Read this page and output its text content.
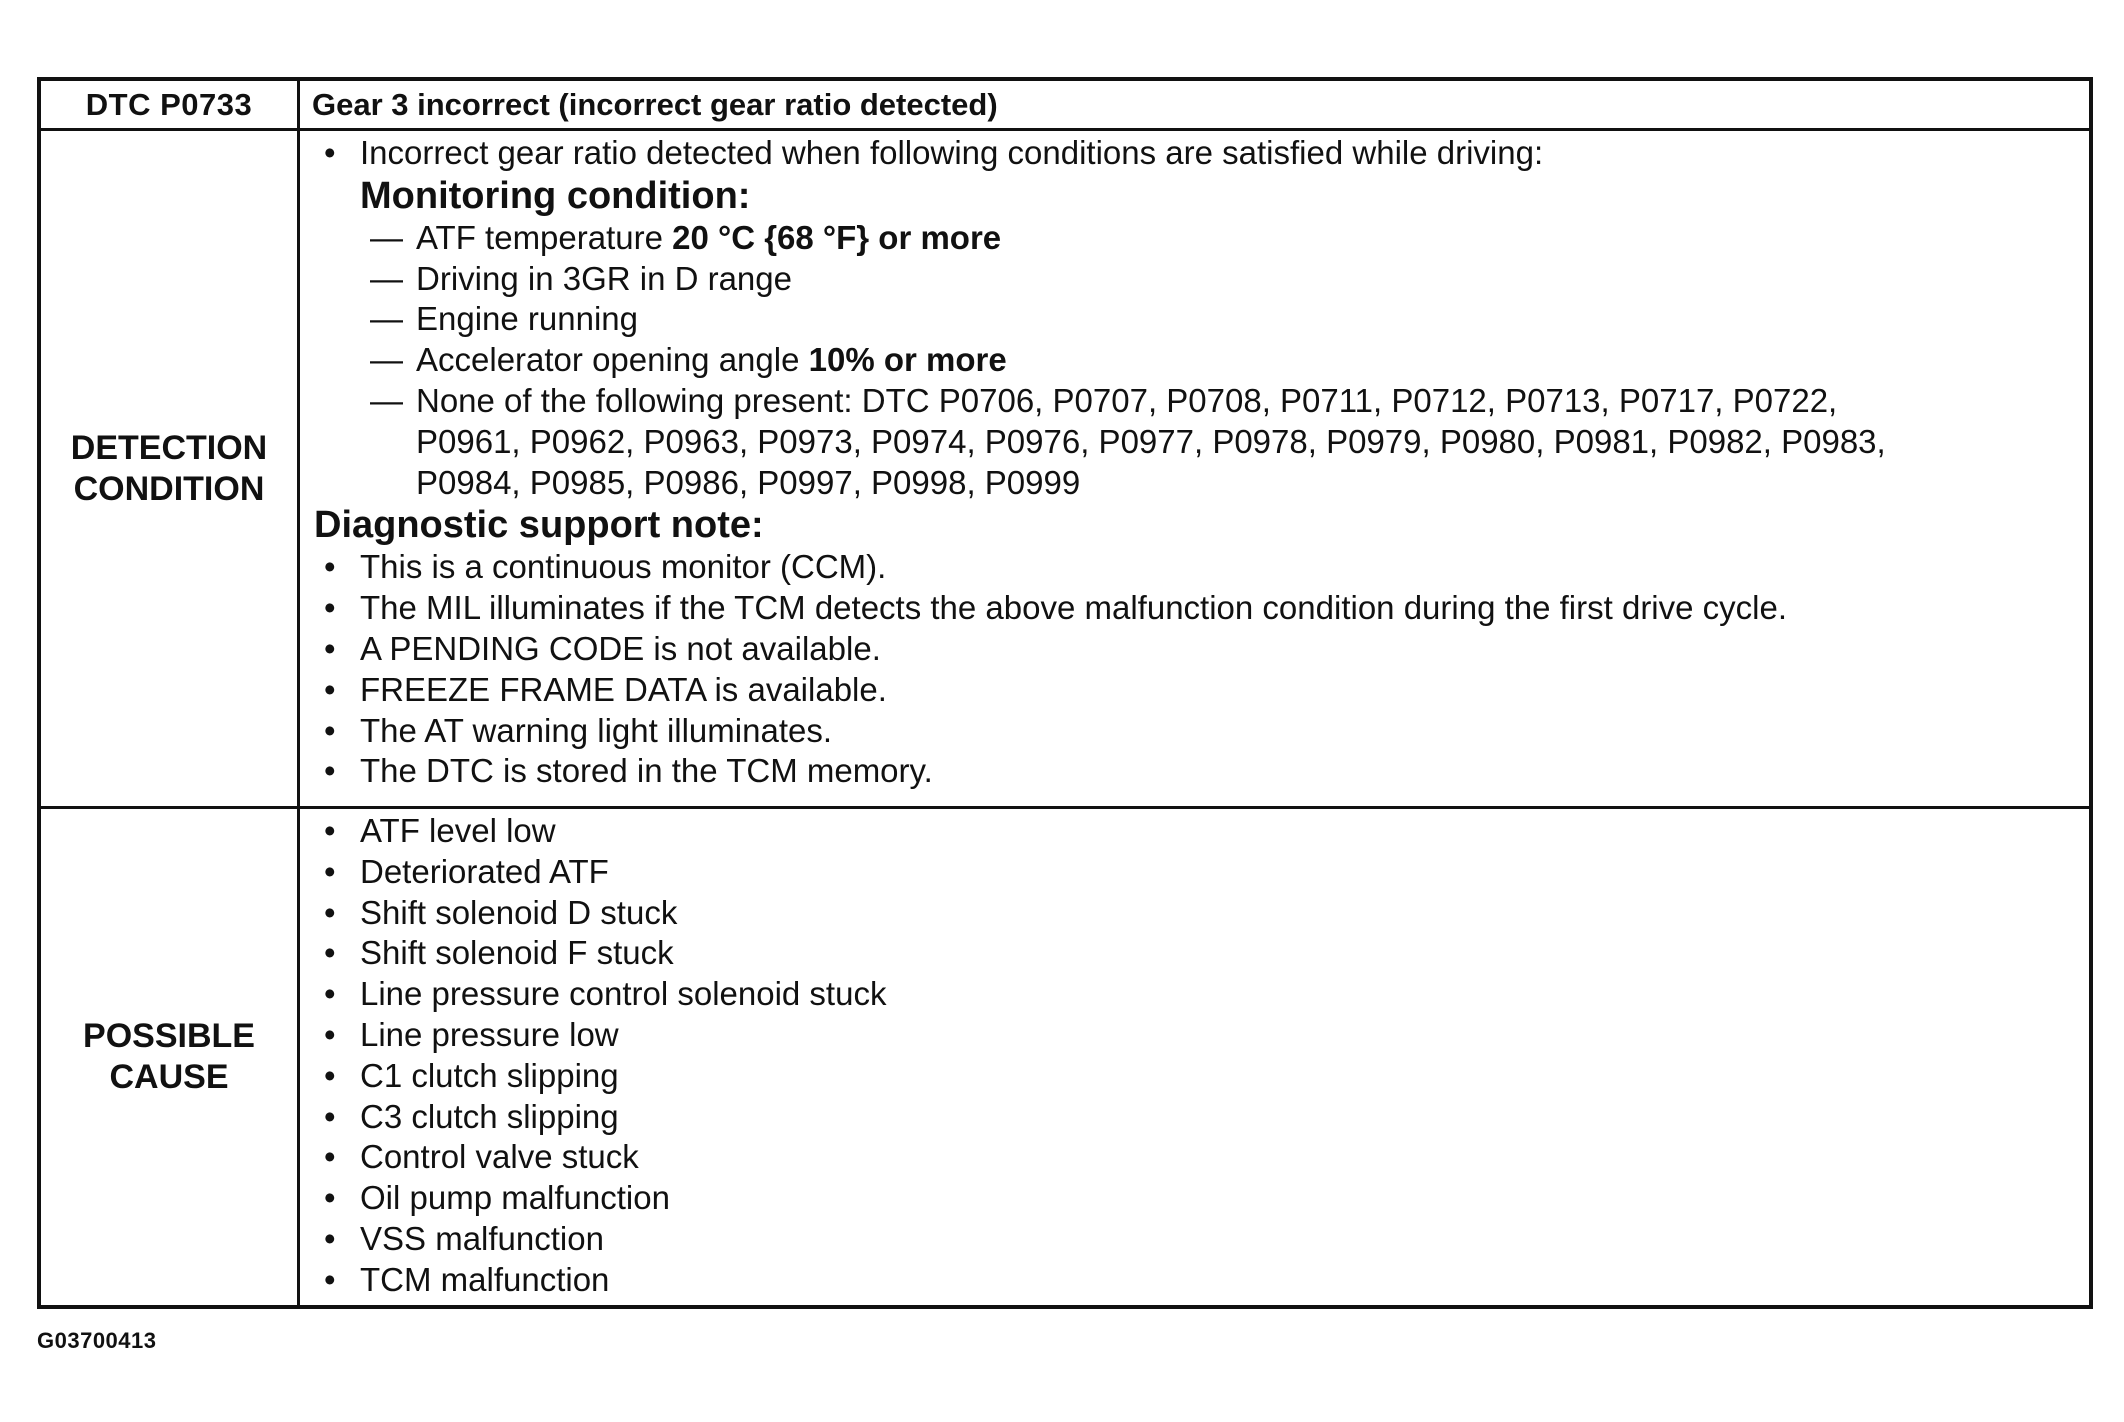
DTC P0733 Gear 3 incorrect (incorrect gear ratio detected)
DETECTION
CONDITION
• Incorrect gear ratio detected when following conditions are satisfied while driving:
Monitoring condition:
— ATF temperature 20 °C {68 °F} or more
— Driving in 3GR in D range
— Engine running
— Accelerator opening angle 10% or more
— None of the following present: DTC P0706, P0707, P0708, P0711, P0712, P0713, P0717, P0722,
P0961, P0962, P0963, P0973, P0974, P0976, P0977, P0978, P0979, P0980, P0981, P0982, P0983,
P0984, P0985, P0986, P0997, P0998, P0999
Diagnostic support note:
• This is a continuous monitor (CCM).
• The MIL illuminates if the TCM detects the above malfunction condition during the first drive cycle.
• A PENDING CODE is not available.
• FREEZE FRAME DATA is available.
• The AT warning light illuminates.
• The DTC is stored in the TCM memory.
POSSIBLE
CAUSE
• ATF level low
• Deteriorated ATF
• Shift solenoid D stuck
• Shift solenoid F stuck
• Line pressure control solenoid stuck
• Line pressure low
• C1 clutch slipping
• C3 clutch slipping
• Control valve stuck
• Oil pump malfunction
• VSS malfunction
• TCM malfunction
G03700413
